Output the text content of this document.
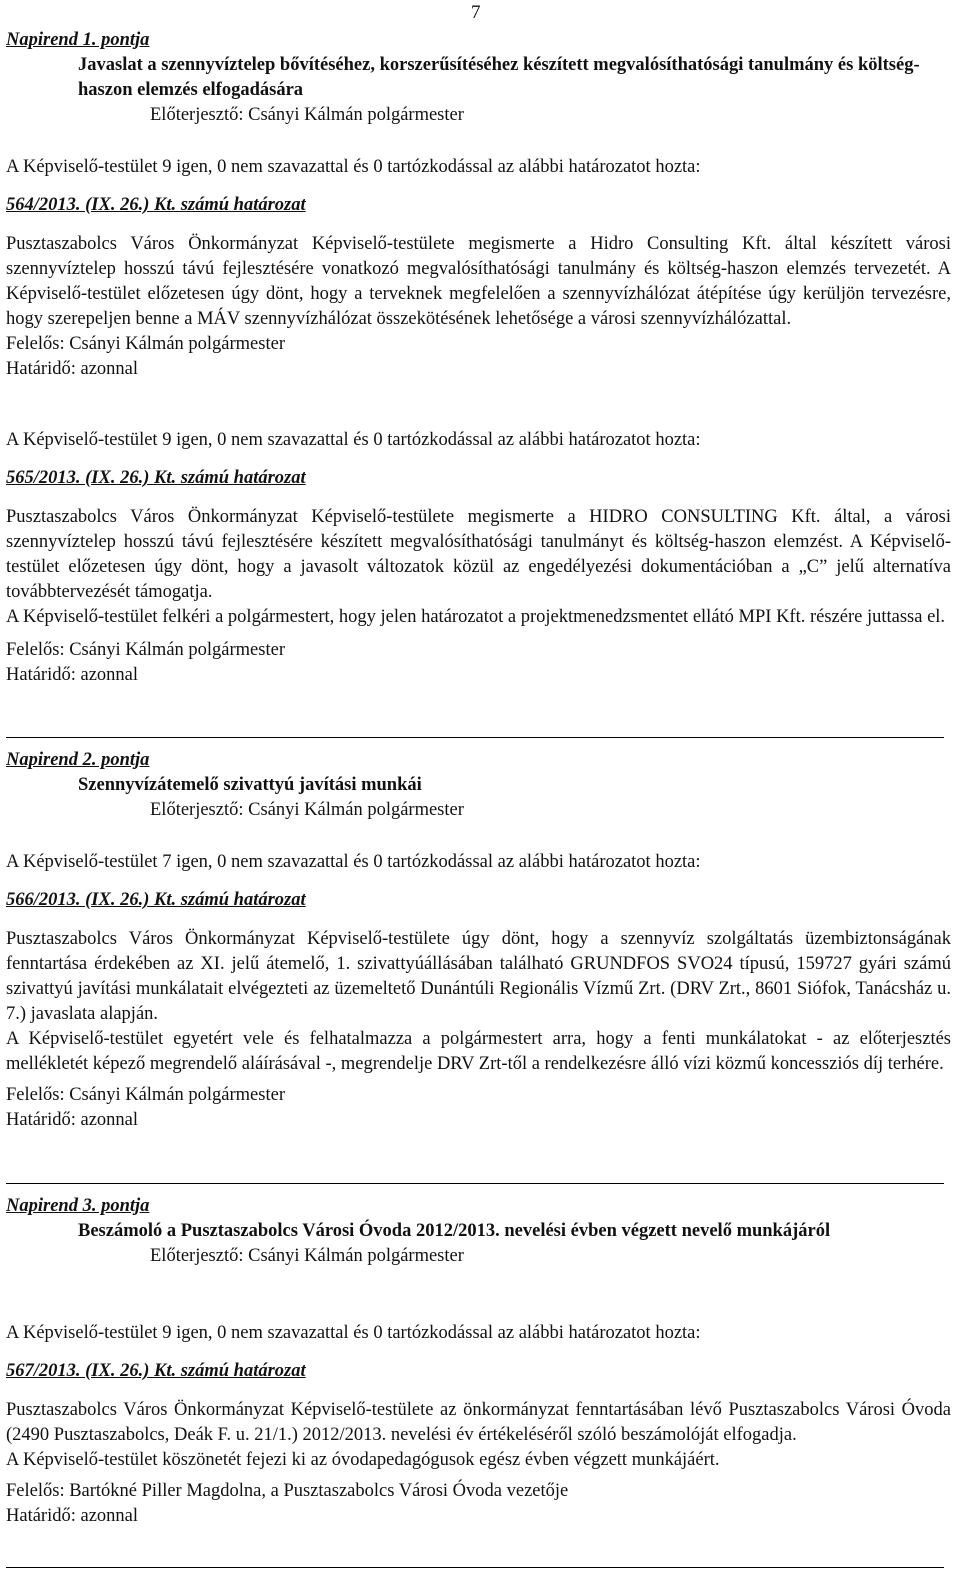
7
Napirend 1. pontja
Javaslat a szennyvíztelep bővítéséhez, korszerűsítéséhez készített megvalósíthatósági tanulmány és költség-haszon elemzés elfogadására
Előterjesztő: Csányi Kálmán polgármester
A Képviselő-testület 9 igen, 0 nem szavazattal és 0 tartózkodással az alábbi határozatot hozta:
564/2013. (IX. 26.) Kt. számú határozat

Pusztaszabolcs Város Önkormányzat Képviselő-testülete megismerte a Hidro Consulting Kft. által készített városi szennyvíztelep hosszú távú fejlesztésére vonatkozó megvalósíthatósági tanulmány és költség-haszon elemzés tervezetét. A Képviselő-testület előzetesen úgy dönt, hogy a terveknek megfelelően a szennyvízhálózat átépítése úgy kerüljön tervezésre, hogy szerepeljen benne a MÁV szennyvízhálózat összekötésének lehetősége a városi szennyvízhálózattal.

Felelős: Csányi Kálmán polgármester
Határidő: azonnal
A Képviselő-testület 9 igen, 0 nem szavazattal és 0 tartózkodással az alábbi határozatot hozta:
565/2013. (IX. 26.) Kt. számú határozat

Pusztaszabolcs Város Önkormányzat Képviselő-testülete megismerte a HIDRO CONSULTING Kft. által, a városi szennyvíztelep hosszú távú fejlesztésére készített megvalósíthatósági tanulmányt és költség-haszon elemzést. A Képviselő-testület előzetesen úgy dönt, hogy a javasolt változatok közül az engedélyezési dokumentációban a „C” jelű alternatíva továbbtervezését támogatja.

A Képviselő-testület felkéri a polgármestert, hogy jelen határozatot a projektmenedzsmentet ellátó MPI Kft. részére juttassa el.

Felelős: Csányi Kálmán polgármester
Határidő: azonnal
Napirend 2. pontja
Szennyvízátemelő szivattyú javítási munkái
Előterjesztő: Csányi Kálmán polgármester
A Képviselő-testület 7 igen, 0 nem szavazattal és 0 tartózkodással az alábbi határozatot hozta:
566/2013. (IX. 26.) Kt. számú határozat

Pusztaszabolcs Város Önkormányzat Képviselő-testülete úgy dönt, hogy a szennyvíz szolgáltatás üzembiztonságának fenntartása érdekében az XI. jelű átemelő, 1. szivattyúállásában található GRUNDFOS SVO24 típusú, 159727 gyári számú szivattyú javítási munkálatait elvégezteti az üzemeltető Dunántúli Regionális Vízmű Zrt. (DRV Zrt., 8601 Siófok, Tanácsház u. 7.) javaslata alapján.

A Képviselő-testület egyetért vele és felhatalmazza a polgármestert arra, hogy a fenti munkálatokat - az előterjesztés mellékletét képező megrendelő aláírásával -, megrendelje DRV Zrt-től a rendelkezésre álló vízi közmű koncessziós díj terhére.

Felelős: Csányi Kálmán polgármester
Határidő: azonnal
Napirend 3. pontja
Beszámoló a Pusztaszabolcs Városi Óvoda 2012/2013. nevelési évben végzett nevelő munkájáról
Előterjesztő: Csányi Kálmán polgármester
A Képviselő-testület 9 igen, 0 nem szavazattal és 0 tartózkodással az alábbi határozatot hozta:
567/2013. (IX. 26.) Kt. számú határozat

Pusztaszabolcs Város Önkormányzat Képviselő-testülete az önkormányzat fenntartásában lévő Pusztaszabolcs Városi Óvoda (2490 Pusztaszabolcs, Deák F. u. 21/1.) 2012/2013. nevelési év értékeléséről szóló beszámolóját elfogadja.

A Képviselő-testület köszönetét fejezi ki az óvodapedagógusok egész évben végzett munkájáért.

Felelős: Bartókné Piller Magdolna, a Pusztaszabolcs Városi Óvoda vezetője
Határidő: azonnal
